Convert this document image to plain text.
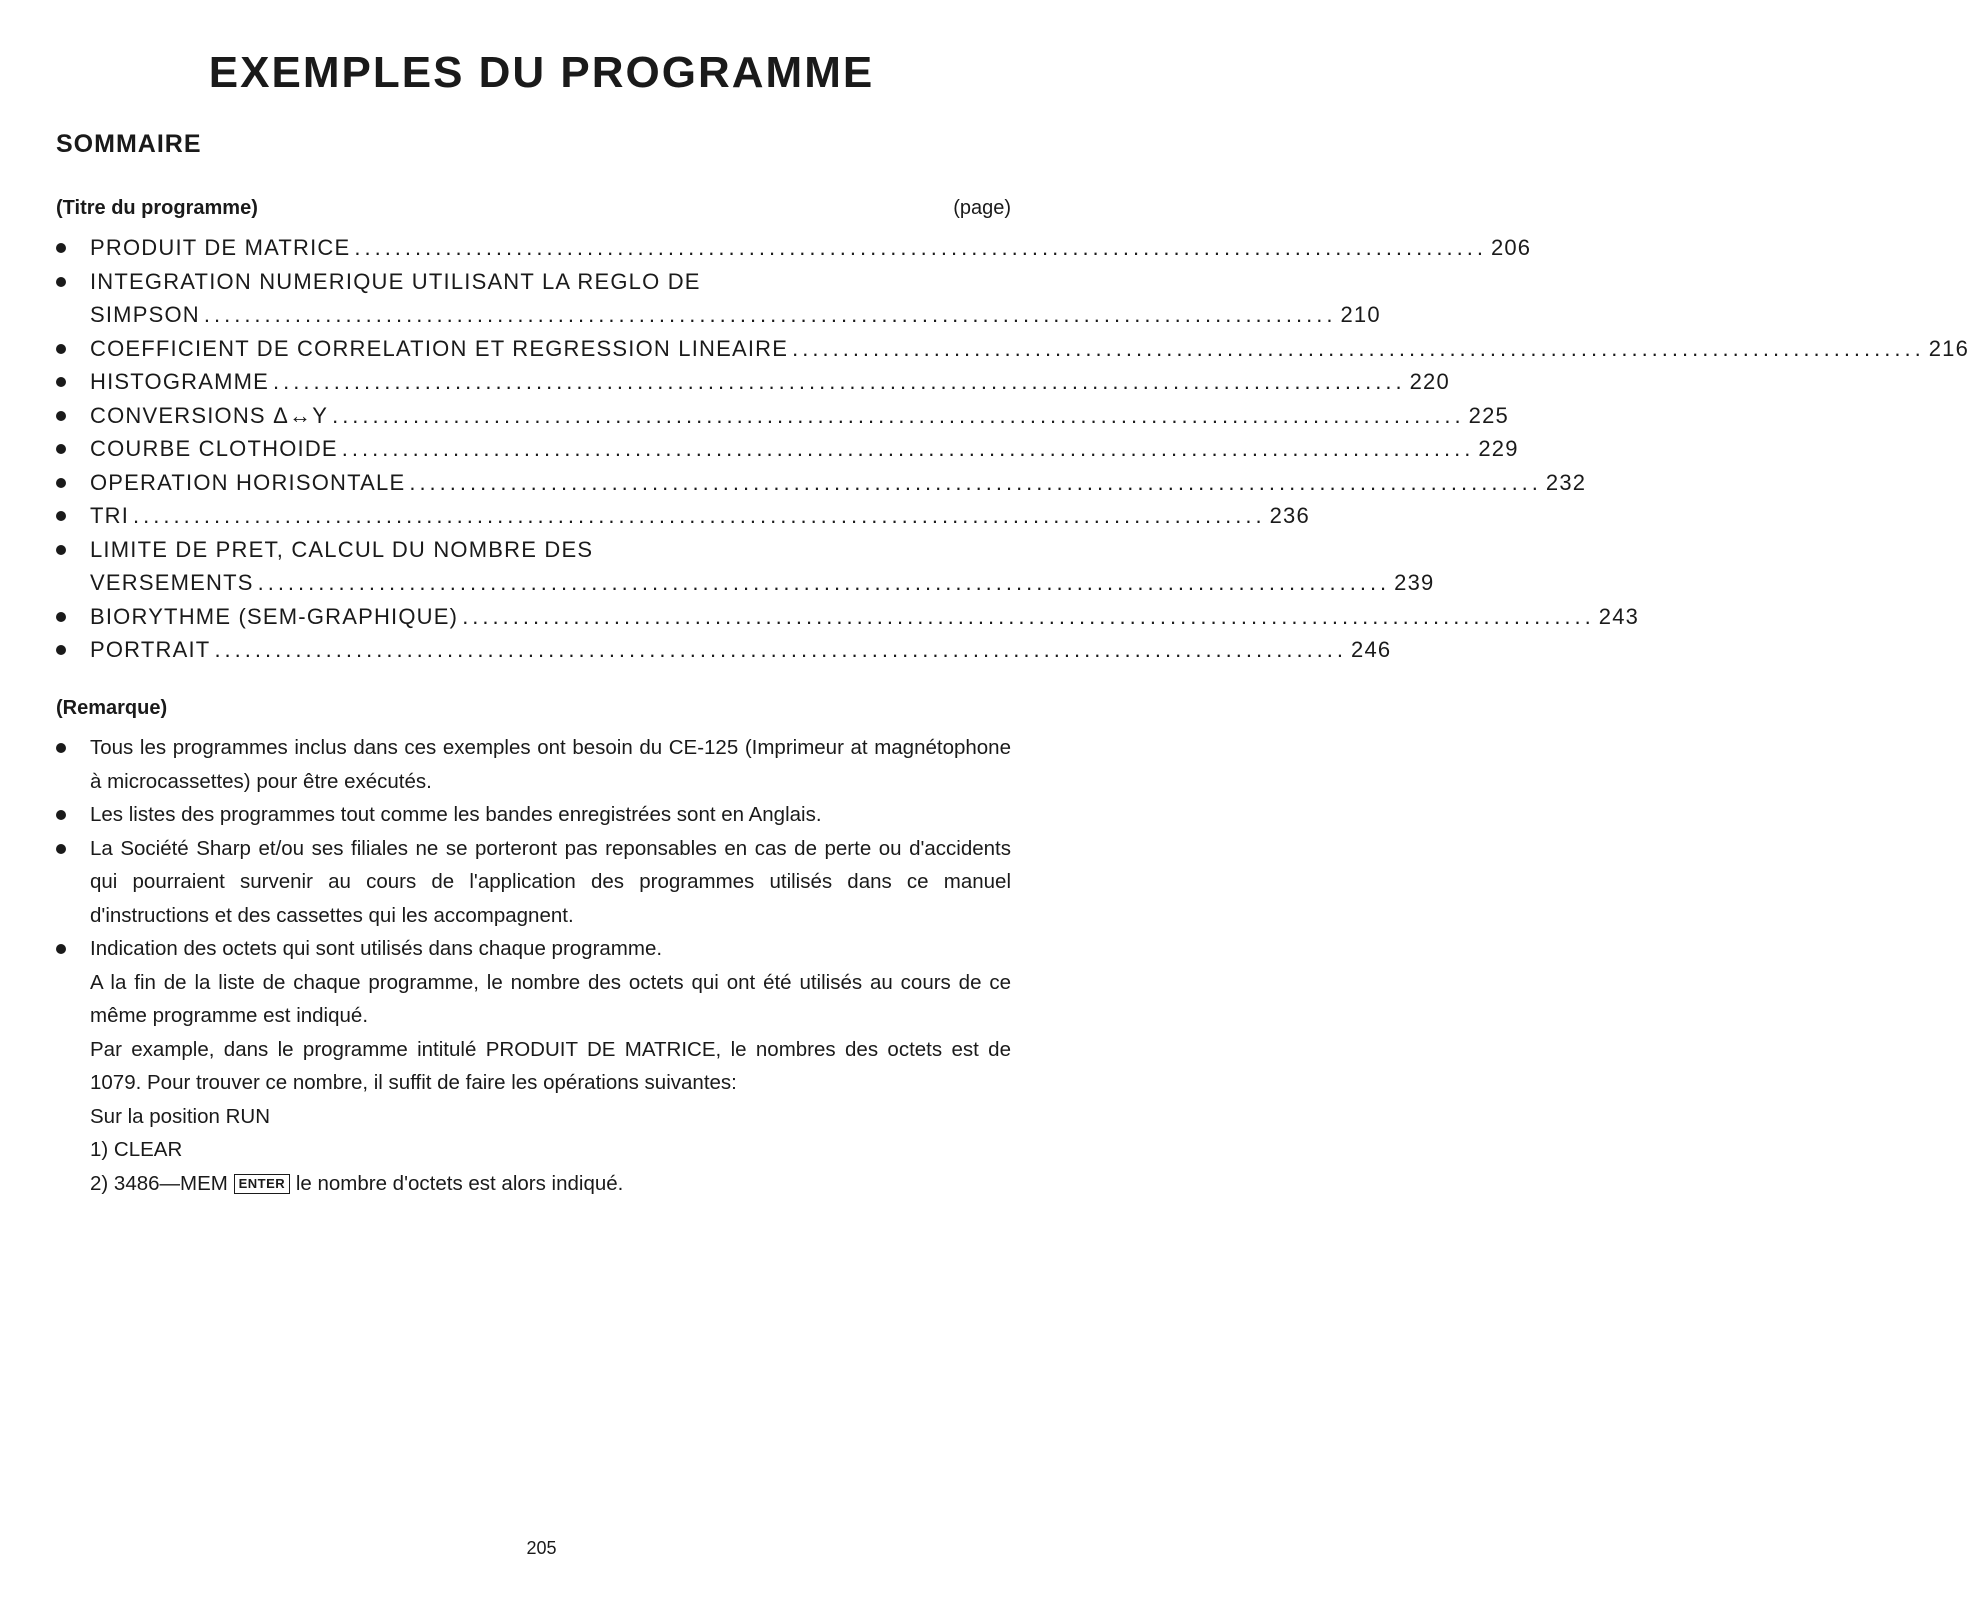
EXEMPLES DU PROGRAMME
SOMMAIRE
(Titre du programme)	(page)
PRODUIT DE MATRICE ................................................................................................................ 206
INTEGRATION NUMERIQUE UTILISANT LA REGLO DE
SIMPSON ................................................................................................................ 210
COEFFICIENT DE CORRELATION ET REGRESSION LINEAIRE ................................................................................................................ 216
HISTOGRAMME ................................................................................................................ 220
CONVERSIONS Δ↔Y ................................................................................................................ 225
COURBE CLOTHOIDE ................................................................................................................ 229
OPERATION HORISONTALE ................................................................................................................ 232
TRI ................................................................................................................ 236
LIMITE DE PRET, CALCUL DU NOMBRE DES
VERSEMENTS ................................................................................................................ 239
BIORYTHME (SEM-GRAPHIQUE) ................................................................................................................ 243
PORTRAIT ................................................................................................................ 246
(Remarque)

Tous les programmes inclus dans ces exemples ont besoin du CE-125 (Imprimeur at magnétophone à microcassettes) pour être exécutés.

Les listes des programmes tout comme les bandes enregistrées sont en Anglais.

La Société Sharp et/ou ses filiales ne se porteront pas reponsables en cas de perte ou d'accidents qui pourraient survenir au cours de l'application des programmes utilisés dans ce manuel d'instructions et des cassettes qui les accompagnent.

Indication des octets qui sont utilisés dans chaque programme.

A la fin de la liste de chaque programme, le nombre des octets qui ont été utilisés au cours de ce même programme est indiqué.

Par example, dans le programme intitulé PRODUIT DE MATRICE, le nombres des octets est de 1079. Pour trouver ce nombre, il suffit de faire les opérations suivantes:

Sur la position RUN

1) CLEAR

2) 3486—MEM ENTER le nombre d'octets est alors indiqué.

205
